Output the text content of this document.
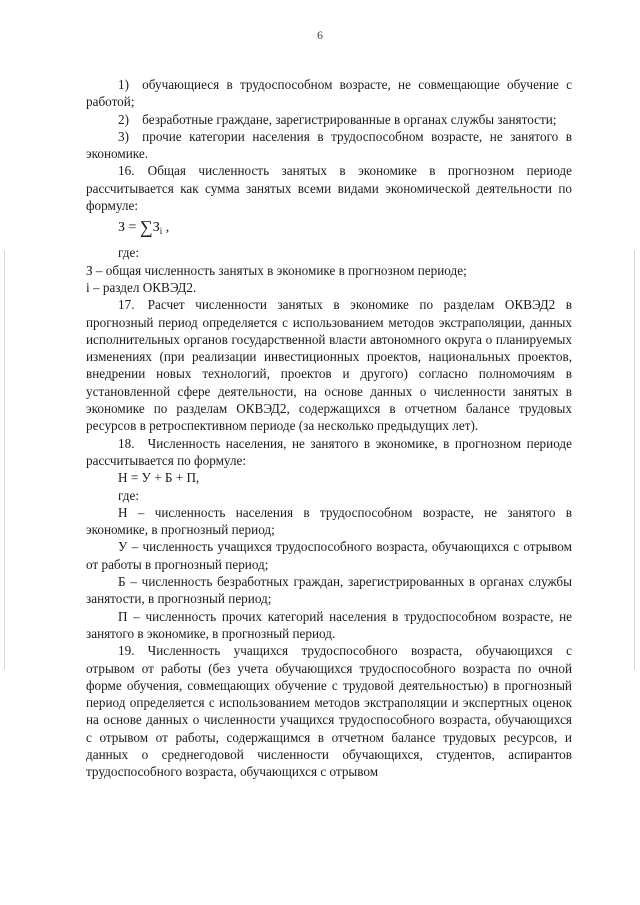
6

1) обучающиеся в трудоспособном возрасте, не совмещающие обучение с работой;

2) безработные граждане, зарегистрированные в органах службы занятости;

3) прочие категории населения в трудоспособном возрасте, не занятого в экономике.

16. Общая численность занятых в экономике в прогнозном периоде рассчитывается как сумма занятых всеми видами экономической деятельности по формуле:

$З = \sum З_i$ ,

где:

З – общая численность занятых в экономике в прогнозном периоде;

i – раздел ОКВЭД2.

17. Расчет численности занятых в экономике по разделам ОКВЭД2 в прогнозный период определяется с использованием методов экстраполяции, данных исполнительных органов государственной власти автономного округа о планируемых изменениях (при реализации инвестиционных проектов, национальных проектов, внедрении новых технологий, проектов и другого) согласно полномочиям в установленной сфере деятельности, на основе данных о численности занятых в экономике по разделам ОКВЭД2, содержащихся в отчетном балансе трудовых ресурсов в ретроспективном периоде (за несколько предыдущих лет).

18. Численность населения, не занятого в экономике, в прогнозном периоде рассчитывается по формуле:

Н = У + Б + П,

где:

Н – численность населения в трудоспособном возрасте, не занятого в экономике, в прогнозный период;

У – численность учащихся трудоспособного возраста, обучающихся с отрывом от работы в прогнозный период;

Б – численность безработных граждан, зарегистрированных в органах службы занятости, в прогнозный период;

П – численность прочих категорий населения в трудоспособном возрасте, не занятого в экономике, в прогнозный период.

19. Численность учащихся трудоспособного возраста, обучающихся с отрывом от работы (без учета обучающихся трудоспособного возраста по очной форме обучения, совмещающих обучение с трудовой деятельностью) в прогнозный период определяется с использованием методов экстраполяции и экспертных оценок на основе данных о численности учащихся трудоспособного возраста, обучающихся с отрывом от работы, содержащимся в отчетном балансе трудовых ресурсов, и данных о среднегодовой численности обучающихся, студентов, аспирантов трудоспособного возраста, обучающихся с отрывом
